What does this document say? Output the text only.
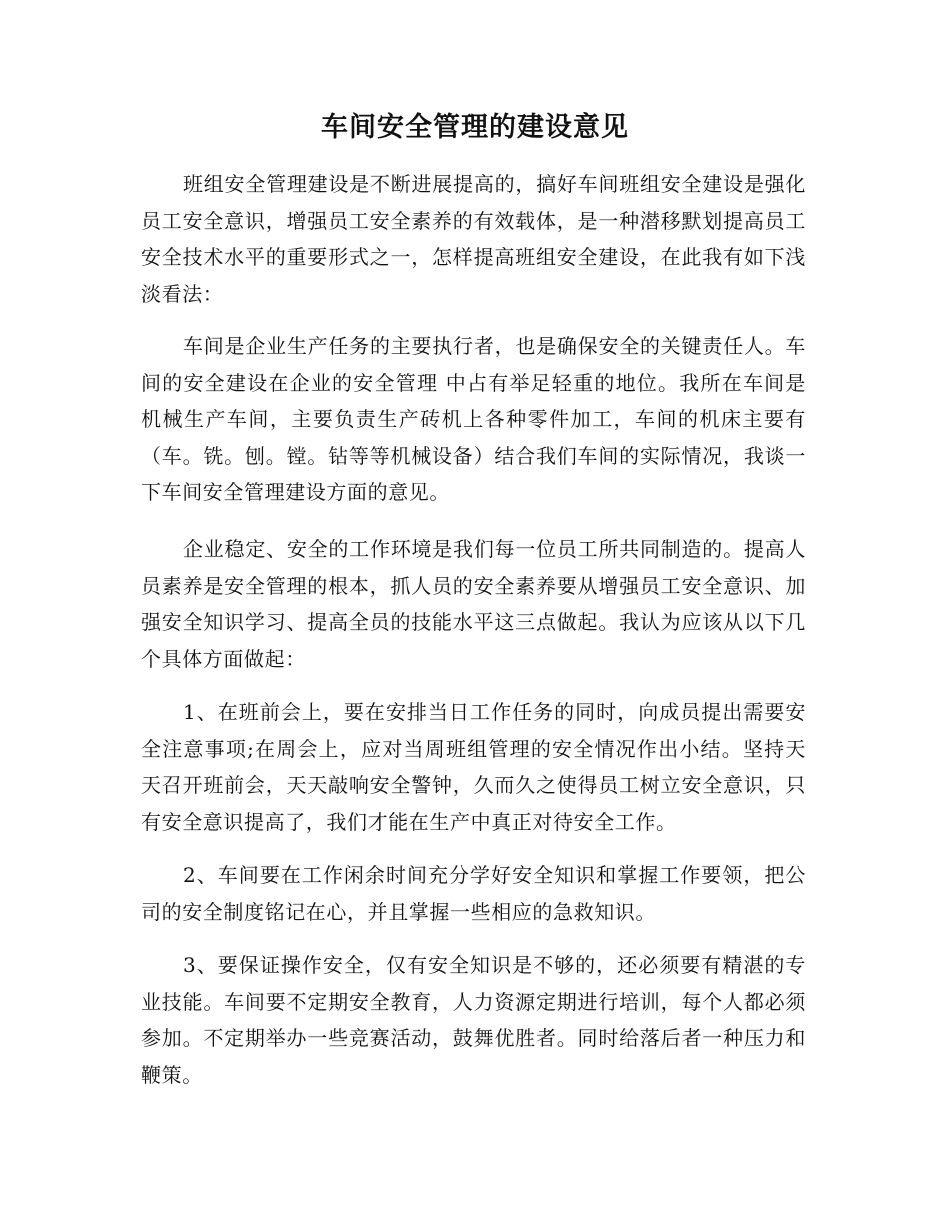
车间安全管理的建设意见

班组安全管理建设是不断进展提高的，搞好车间班组安全建设是强化员工安全意识，增强员工安全素养的有效载体，是一种潜移默划提高员工安全技术水平的重要形式之一，怎样提高班组安全建设，在此我有如下浅淡看法：

车间是企业生产任务的主要执行者，也是确保安全的关键责任人。车间的安全建设在企业的安全管理 中占有举足轻重的地位。我所在车间是机械生产车间，主要负责生产砖机上各种零件加工，车间的机床主要有（车。铣。刨。镗。钻等等机械设备）结合我们车间的实际情况，我谈一下车间安全管理建设方面的意见。

企业稳定、安全的工作环境是我们每一位员工所共同制造的。提高人员素养是安全管理的根本，抓人员的安全素养要从增强员工安全意识、加强安全知识学习、提高全员的技能水平这三点做起。我认为应该从以下几个具体方面做起：

1、在班前会上，要在安排当日工作任务的同时，向成员提出需要安全注意事项;在周会上，应对当周班组管理的安全情况作出小结。坚持天天召开班前会，天天敲响安全警钟，久而久之使得员工树立安全意识，只有安全意识提高了，我们才能在生产中真正对待安全工作。

2、车间要在工作闲余时间充分学好安全知识和掌握工作要领，把公司的安全制度铭记在心，并且掌握一些相应的急救知识。

3、要保证操作安全，仅有安全知识是不够的，还必须要有精湛的专业技能。车间要不定期安全教育，人力资源定期进行培训，每个人都必须参加。不定期举办一些竞赛活动，鼓舞优胜者。同时给落后者一种压力和鞭策。
